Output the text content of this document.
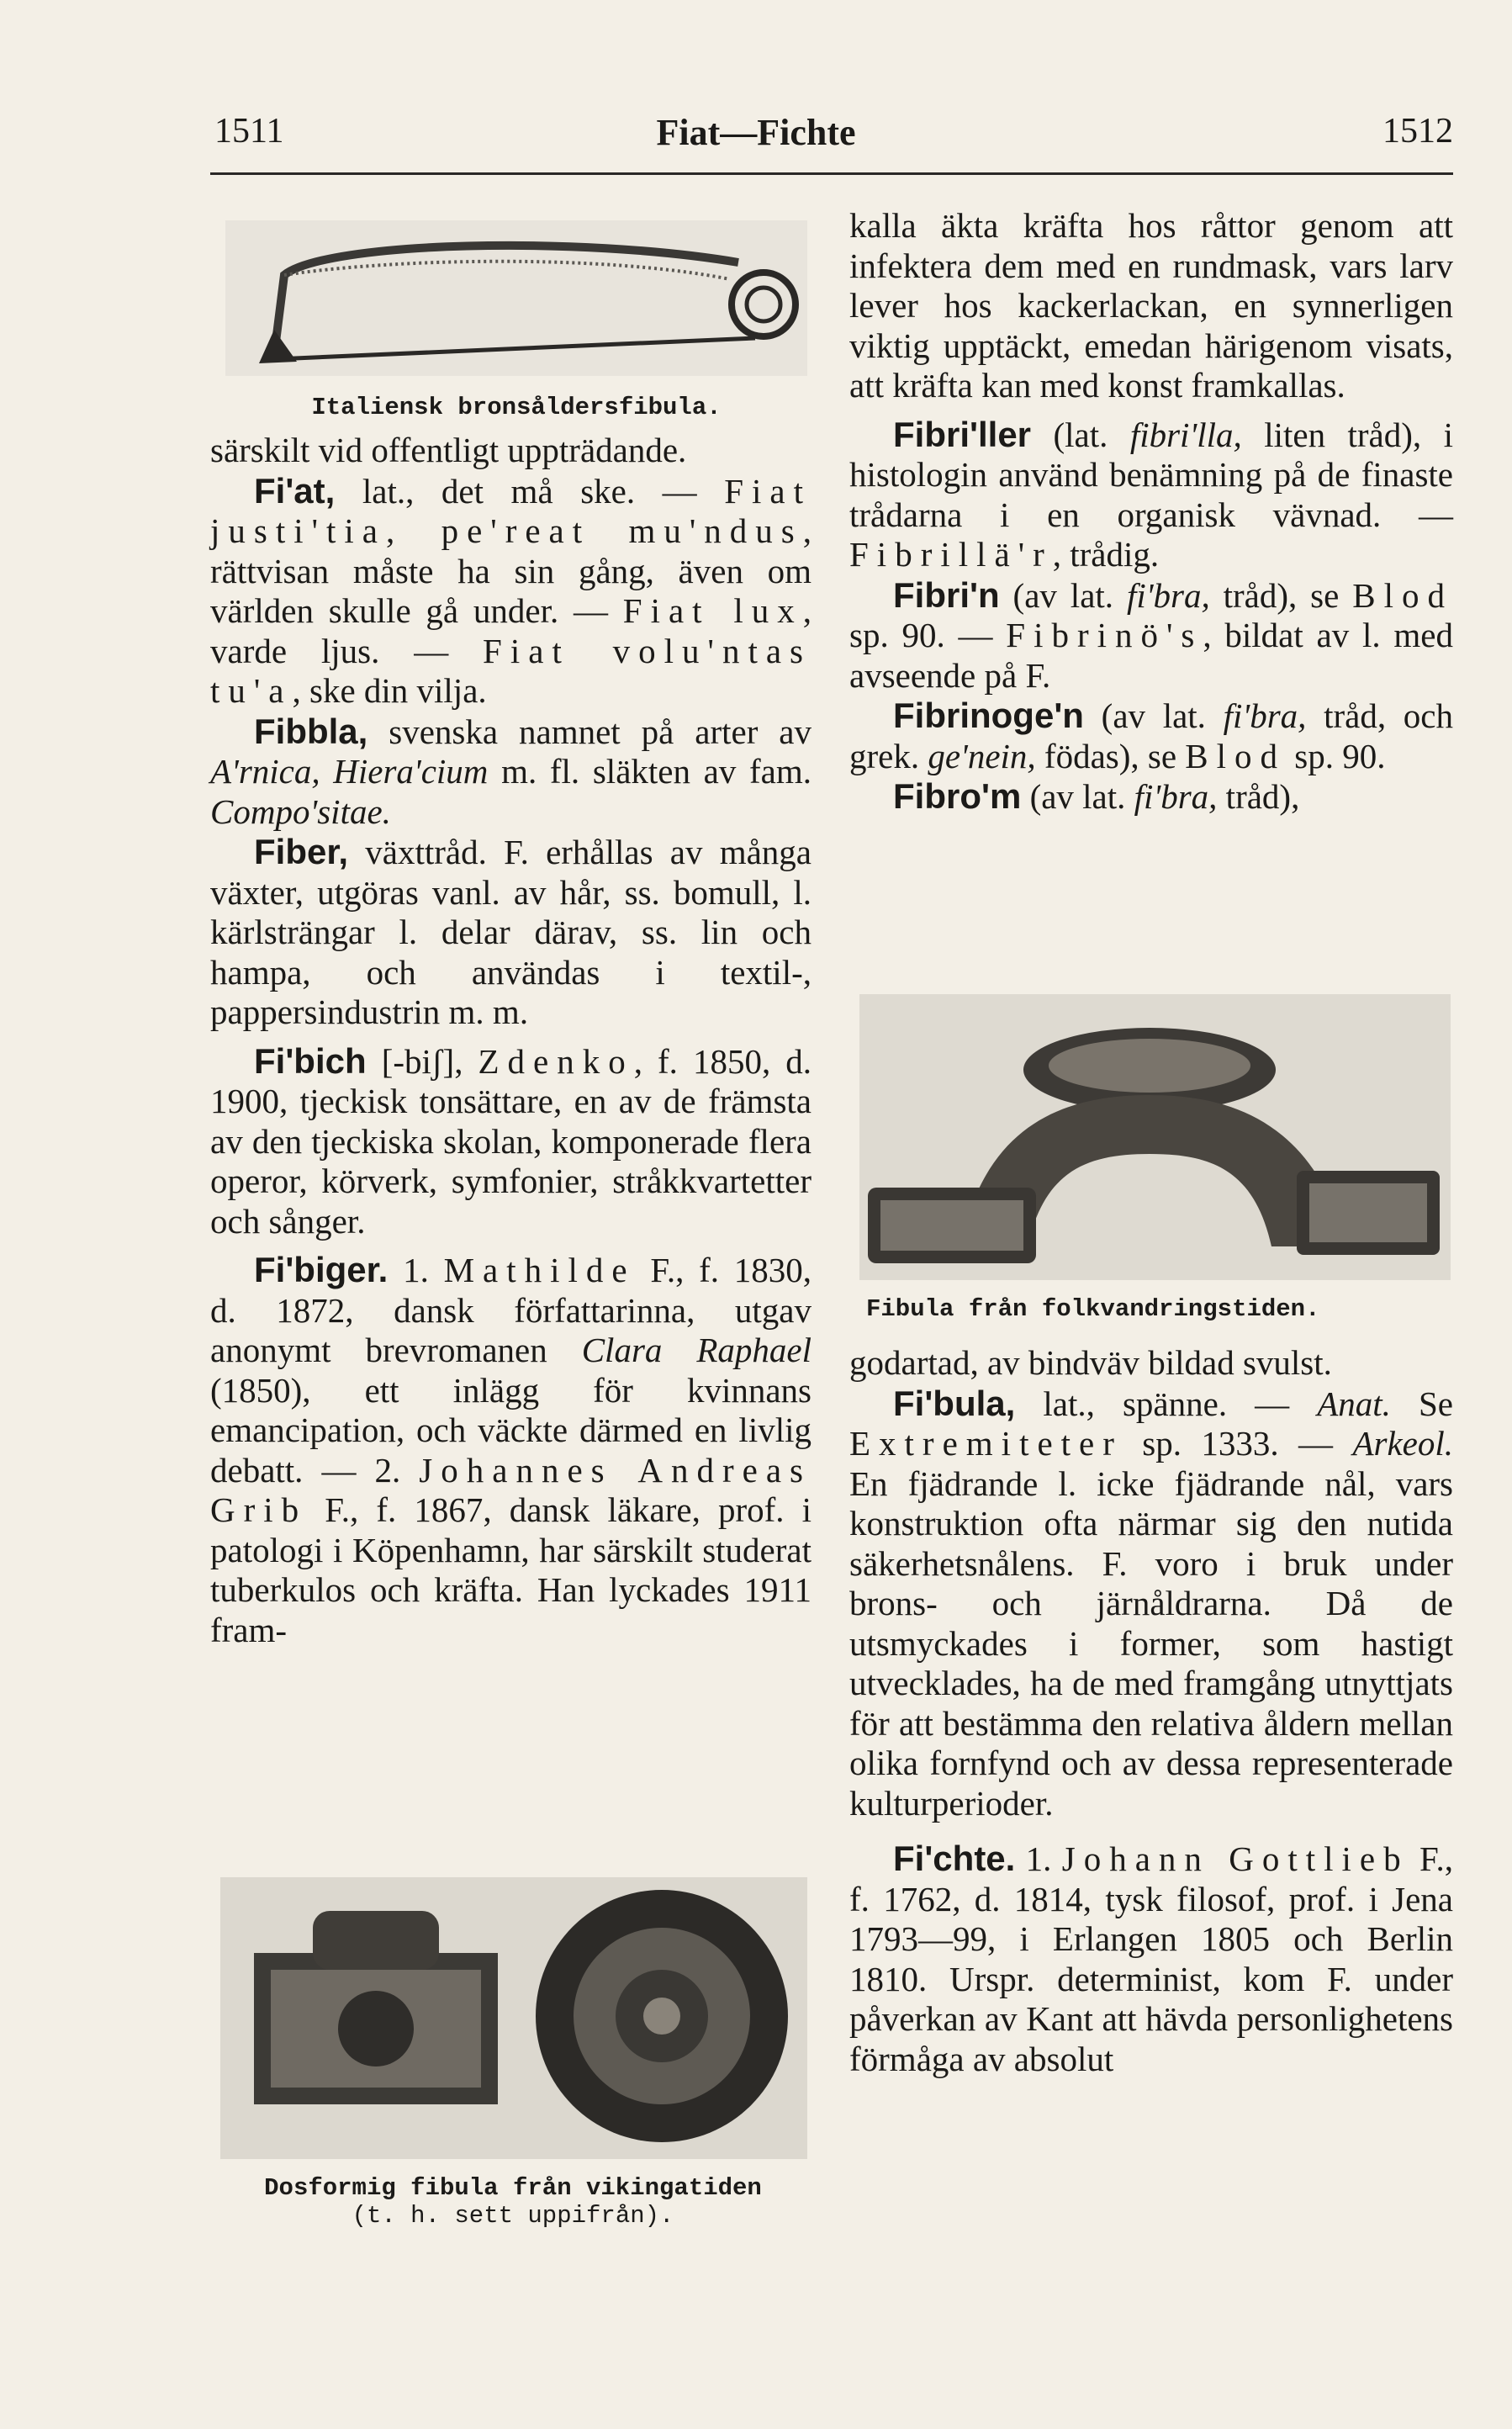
1511	Fiat—Fichte	1512
Italiensk bronsåldersfibula.

särskilt vid offentligt uppträdande.

Fi'at, lat., det må ske. — Fiat justi'tia, pe'reat mu'ndus, rättvisan måste ha sin gång, även om världen skulle gå under. — Fiat lux, varde ljus. — Fiat volu'ntas tu'a, ske din vilja.

Fibbla, svenska namnet på arter av A'rnica, Hiera'cium m. fl. släkten av fam. Compo'sitae.

Fiber, växttråd. F. erhållas av många växter, utgöras vanl. av hår, ss. bomull, l. kärlsträngar l. delar därav, ss. lin och hampa, och användas i textil-, pappersindustrin m. m.

Fi'bich [-biʃ], Zdenko, f. 1850, d. 1900, tjeckisk tonsättare, en av de främsta av den tjeckiska skolan, komponerade flera operor, körverk, symfonier, stråkkvartetter och sånger.

Fi'biger. 1. Mathilde F., f. 1830, d. 1872, dansk författarinna, utgav anonymt brevromanen Clara Raphael (1850), ett inlägg för kvinnans emancipation, och väckte därmed en livlig debatt. — 2. Johannes Andreas Grib F., f. 1867, dansk läkare, prof. i patologi i Köpenhamn, har särskilt studerat tuberkulos och kräfta. Han lyckades 1911 fram-

Dosformig fibula från vikingatiden
(t. h. sett uppifrån).

kalla äkta kräfta hos råttor genom att infektera dem med en rundmask, vars larv lever hos kackerlackan, en synnerligen viktig upptäckt, emedan härigenom visats, att kräfta kan med konst framkallas.

Fibri'ller (lat. fibri'lla, liten tråd), i histologin använd benämning på de finaste trådarna i en organisk vävnad. — Fibrillä'r, trådig.

Fibri'n (av lat. fi'bra, tråd), se Blod sp. 90. — Fibrinö's, bildat av l. med avseende på F.

Fibrinoge'n (av lat. fi'bra, tråd, och grek. ge'nein, födas), se Blod sp. 90.

Fibro'm (av lat. fi'bra, tråd),

Fibula från folkvandringstiden.

godartad, av bindväv bildad svulst.

Fi'bula, lat., spänne. — Anat. Se Extremiteter sp. 1333. — Arkeol. En fjädrande l. icke fjädrande nål, vars konstruktion ofta närmar sig den nutida säkerhetsnålens. F. voro i bruk under brons- och järnåldrarna. Då de utsmyckades i former, som hastigt utvecklades, ha de med framgång utnyttjats för att bestämma den relativa åldern mellan olika fornfynd och av dessa representerade kulturperioder.

Fi'chte. 1. Johann Gottlieb F., f. 1762, d. 1814, tysk filosof, prof. i Jena 1793—99, i Erlangen 1805 och Berlin 1810. Urspr. determinist, kom F. under påverkan av Kant att hävda personlighetens förmåga av absolut
